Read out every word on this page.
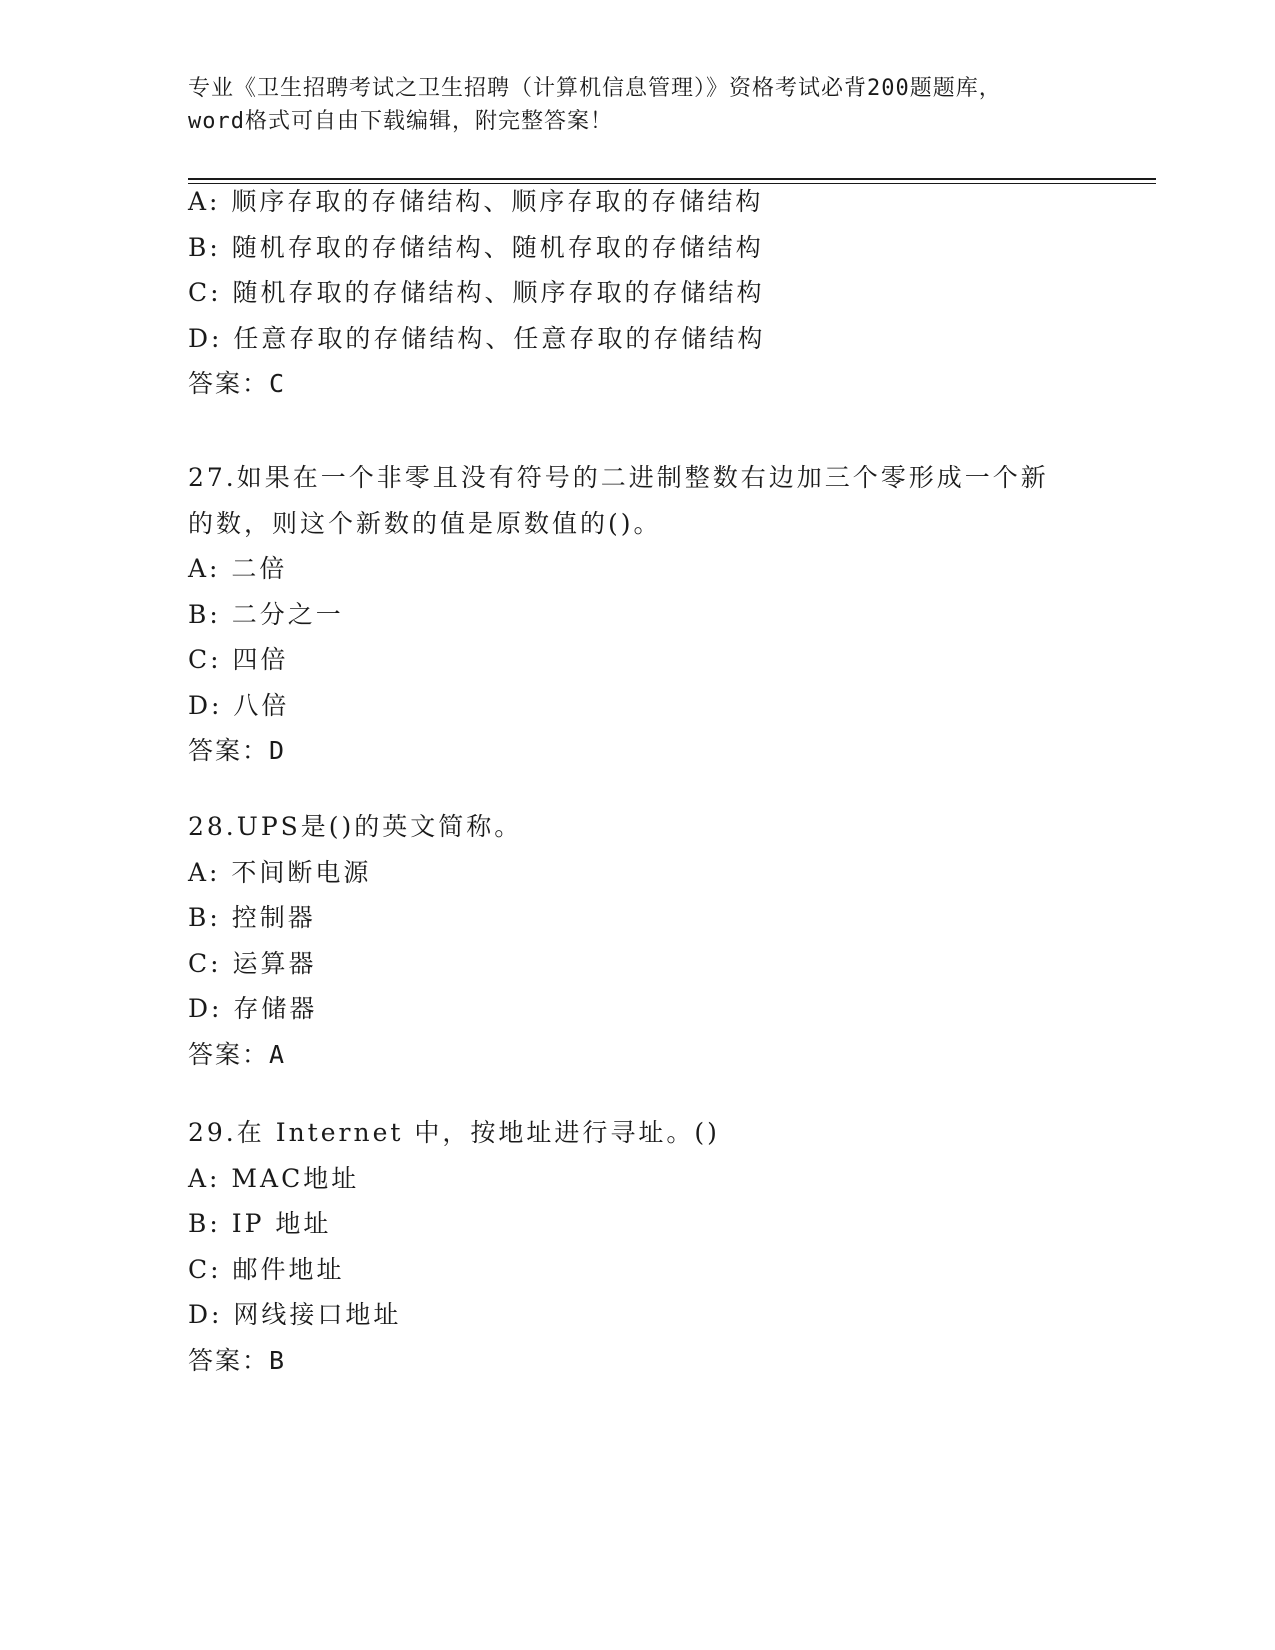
专业《卫生招聘考试之卫生招聘（计算机信息管理）》资格考试必背200题题库，
word格式可自由下载编辑，附完整答案！
A: 顺序存取的存储结构、顺序存取的存储结构
B: 随机存取的存储结构、随机存取的存储结构
C: 随机存取的存储结构、顺序存取的存储结构
D: 任意存取的存储结构、任意存取的存储结构
答案：C
27.如果在一个非零且没有符号的二进制整数右边加三个零形成一个新
的数，则这个新数的值是原数值的()。
A: 二倍
B: 二分之一
C: 四倍
D: 八倍
答案：D
28.UPS是()的英文简称。
A: 不间断电源
B: 控制器
C: 运算器
D: 存储器
答案：A
29.在 Internet 中，按地址进行寻址。()
A: MAC地址
B: IP 地址
C: 邮件地址
D: 网线接口地址
答案：B
